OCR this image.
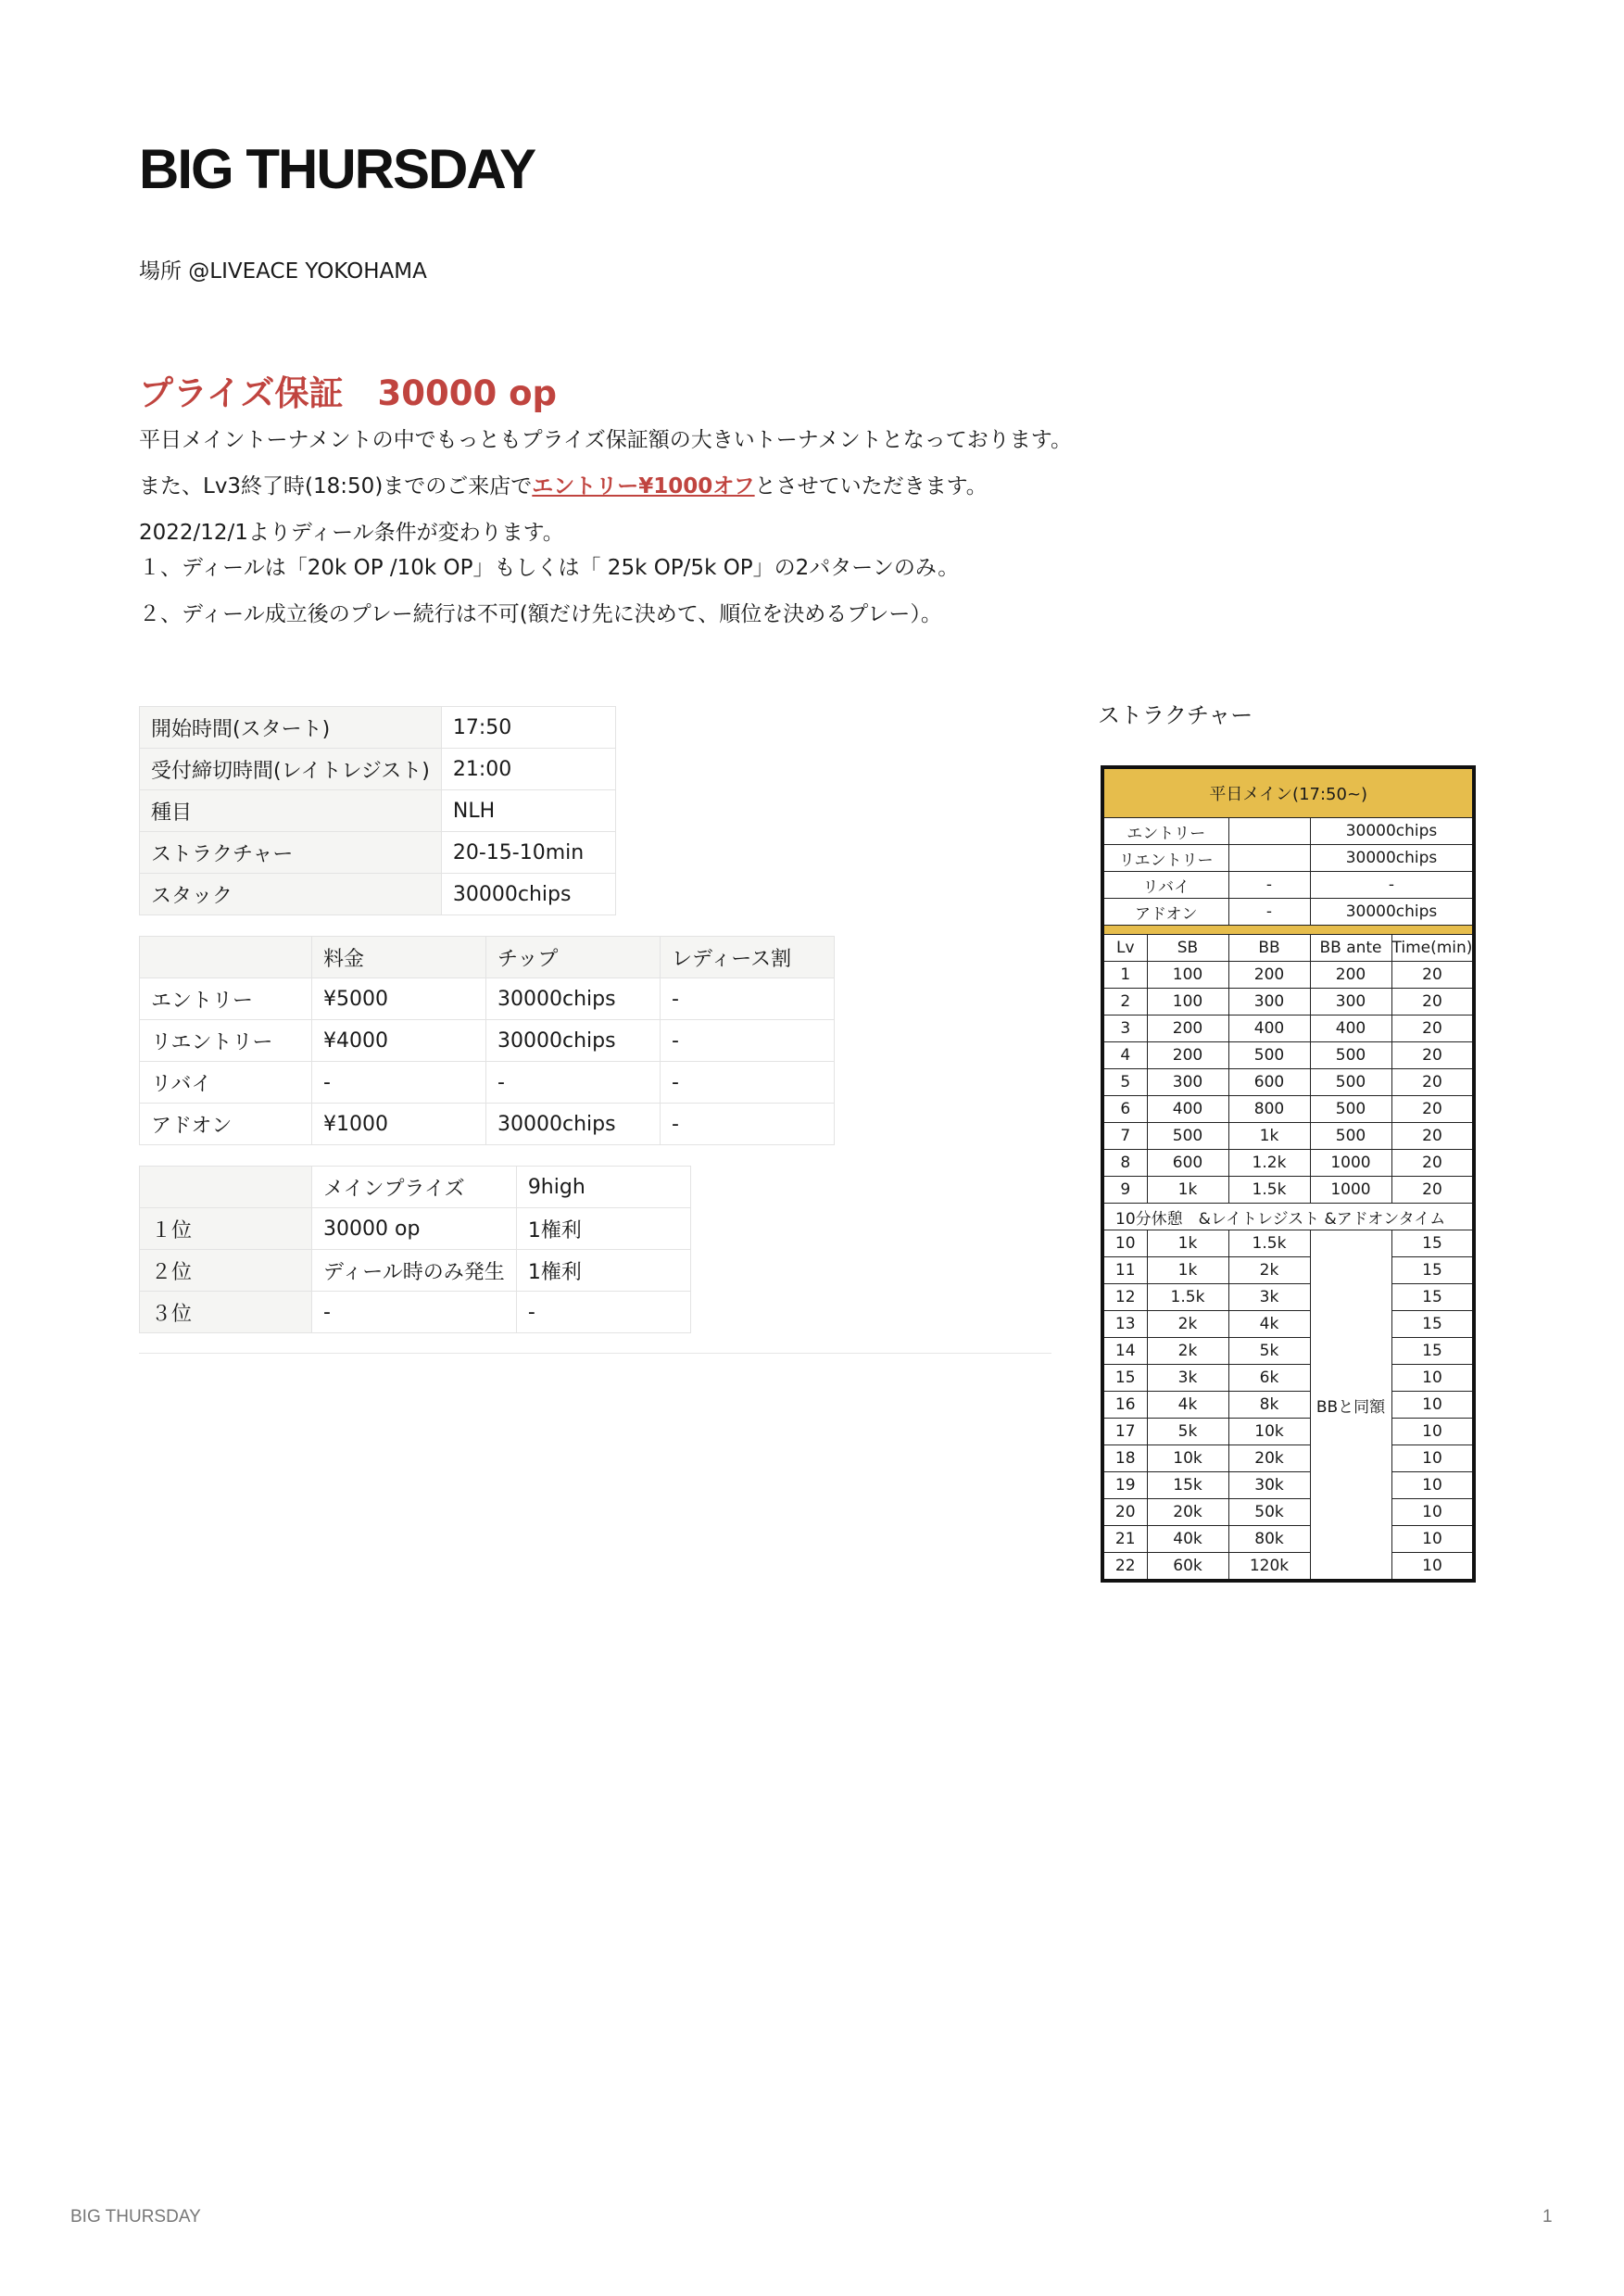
BIG THURSDAY
場所 @LIVEACE YOKOHAMA
プライズ保証　30000 op
平日メイントーナメントの中でもっともプライズ保証額の大きいトーナメントとなっております。
また、Lv3終了時(18:50)までのご来店でエントリー¥1000オフとさせていただきます。
2022/12/1よりディール条件が変わります。
１、ディールは「20k OP /10k OP」もしくは「 25k OP/5k OP」の2パターンのみ。
２、ディール成立後のプレー続行は不可(額だけ先に決めて、順位を決めるプレー）。
開始時間(スタート)	17:50
受付締切時間(レイトレジスト)	21:00
種目	NLH
ストラクチャー	20-15-10min
スタック	30000chips
	料金	チップ	レディース割
エントリー	¥5000	30000chips	-
リエントリー	¥4000	30000chips	-
リバイ	-	-	-
アドオン	¥1000	30000chips	-
	メインプライズ	9high
１位	30000 op	1権利
２位	ディール時のみ発生	1権利
３位	-	-
ストラクチャー
平日メイン(17:50~)				
エントリー			30000chips	
リエントリー			30000chips	
リバイ		-	-	
アドオン		-	30000chips	

Lv	SB	BB	BB ante	Time(min)
1	100	200	200	20
2	100	300	300	20
3	200	400	400	20
4	200	500	500	20
5	300	600	500	20
6	400	800	500	20
7	500	1k	500	20
8	600	1.2k	1000	20
9	1k	1.5k	1000	20
10分休憩　&レイトレジスト &アドオンタイム				
10	1k	1.5k	BBと同額	15
11	1k	2k		15
12	1.5k	3k		15
13	2k	4k		15
14	2k	5k		15
15	3k	6k		10
16	4k	8k		10
17	5k	10k		10
18	10k	20k		10
19	15k	30k		10
20	20k	50k		10
21	40k	80k		10
22	60k	120k		10
BIG THURSDAY	1
